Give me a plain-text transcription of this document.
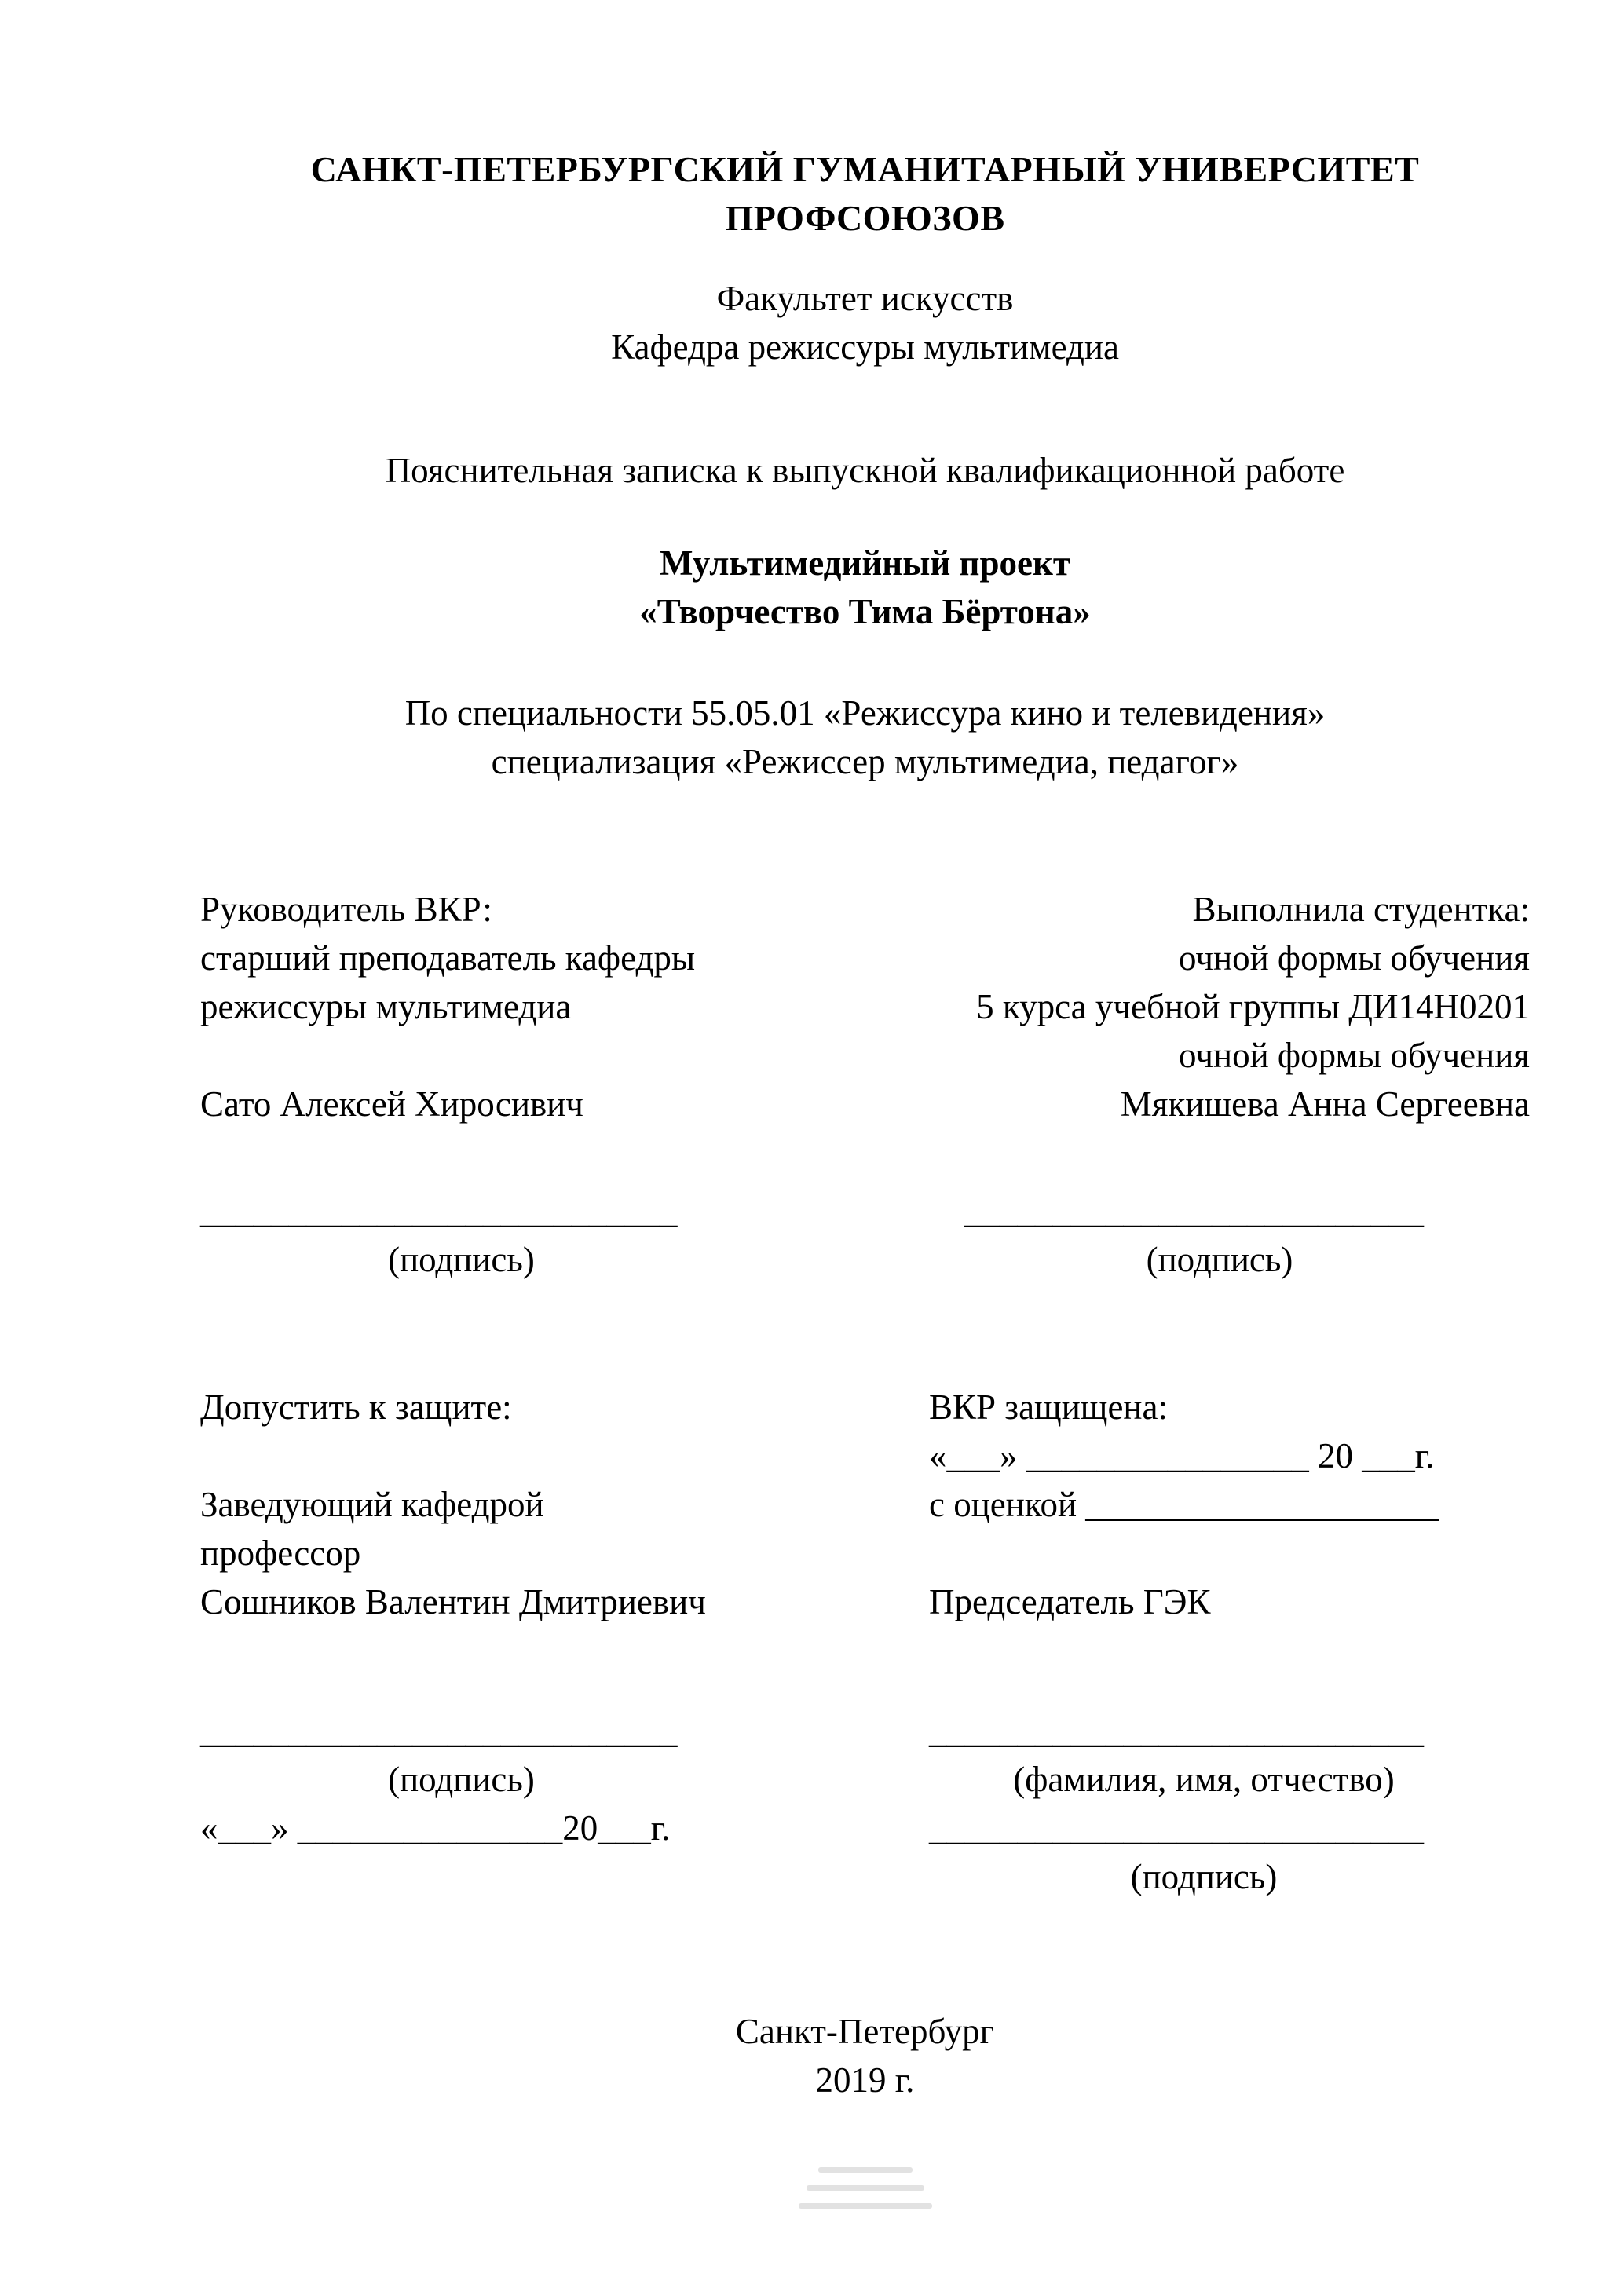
САНКТ-ПЕТЕРБУРГСКИЙ ГУМАНИТАРНЫЙ УНИВЕРСИТЕТ
ПРОФСОЮЗОВ
Факультет искусств
Кафедра режиссуры мультимедиа
Пояснительная записка к выпускной квалификационной работе
Мультимедийный проект
«Творчество Тима Бёртона»
По специальности 55.05.01 «Режиссура кино и телевидения»
специализация «Режиссер мультимедиа, педагог»
Руководитель ВКР:
старший преподаватель кафедры
режиссуры мультимедиа
Сато Алексей Хиросивич
Выполнила студентка:
очной формы обучения
5 курса учебной группы ДИ14Н0201
очной формы обучения
Мякишева Анна Сергеевна
___________________________
(подпись)
__________________________
(подпись)
Допустить к защите:
Заведующий кафедрой
профессор
Сошников Валентин Дмитриевич
___________________________
(подпись)
«___» _______________20___г.
ВКР защищена:
«___» ________________ 20 ___г.
с оценкой ____________________
Председатель ГЭК
____________________________
(фамилия, имя, отчество)
____________________________
(подпись)
Санкт-Петербург
2019 г.
